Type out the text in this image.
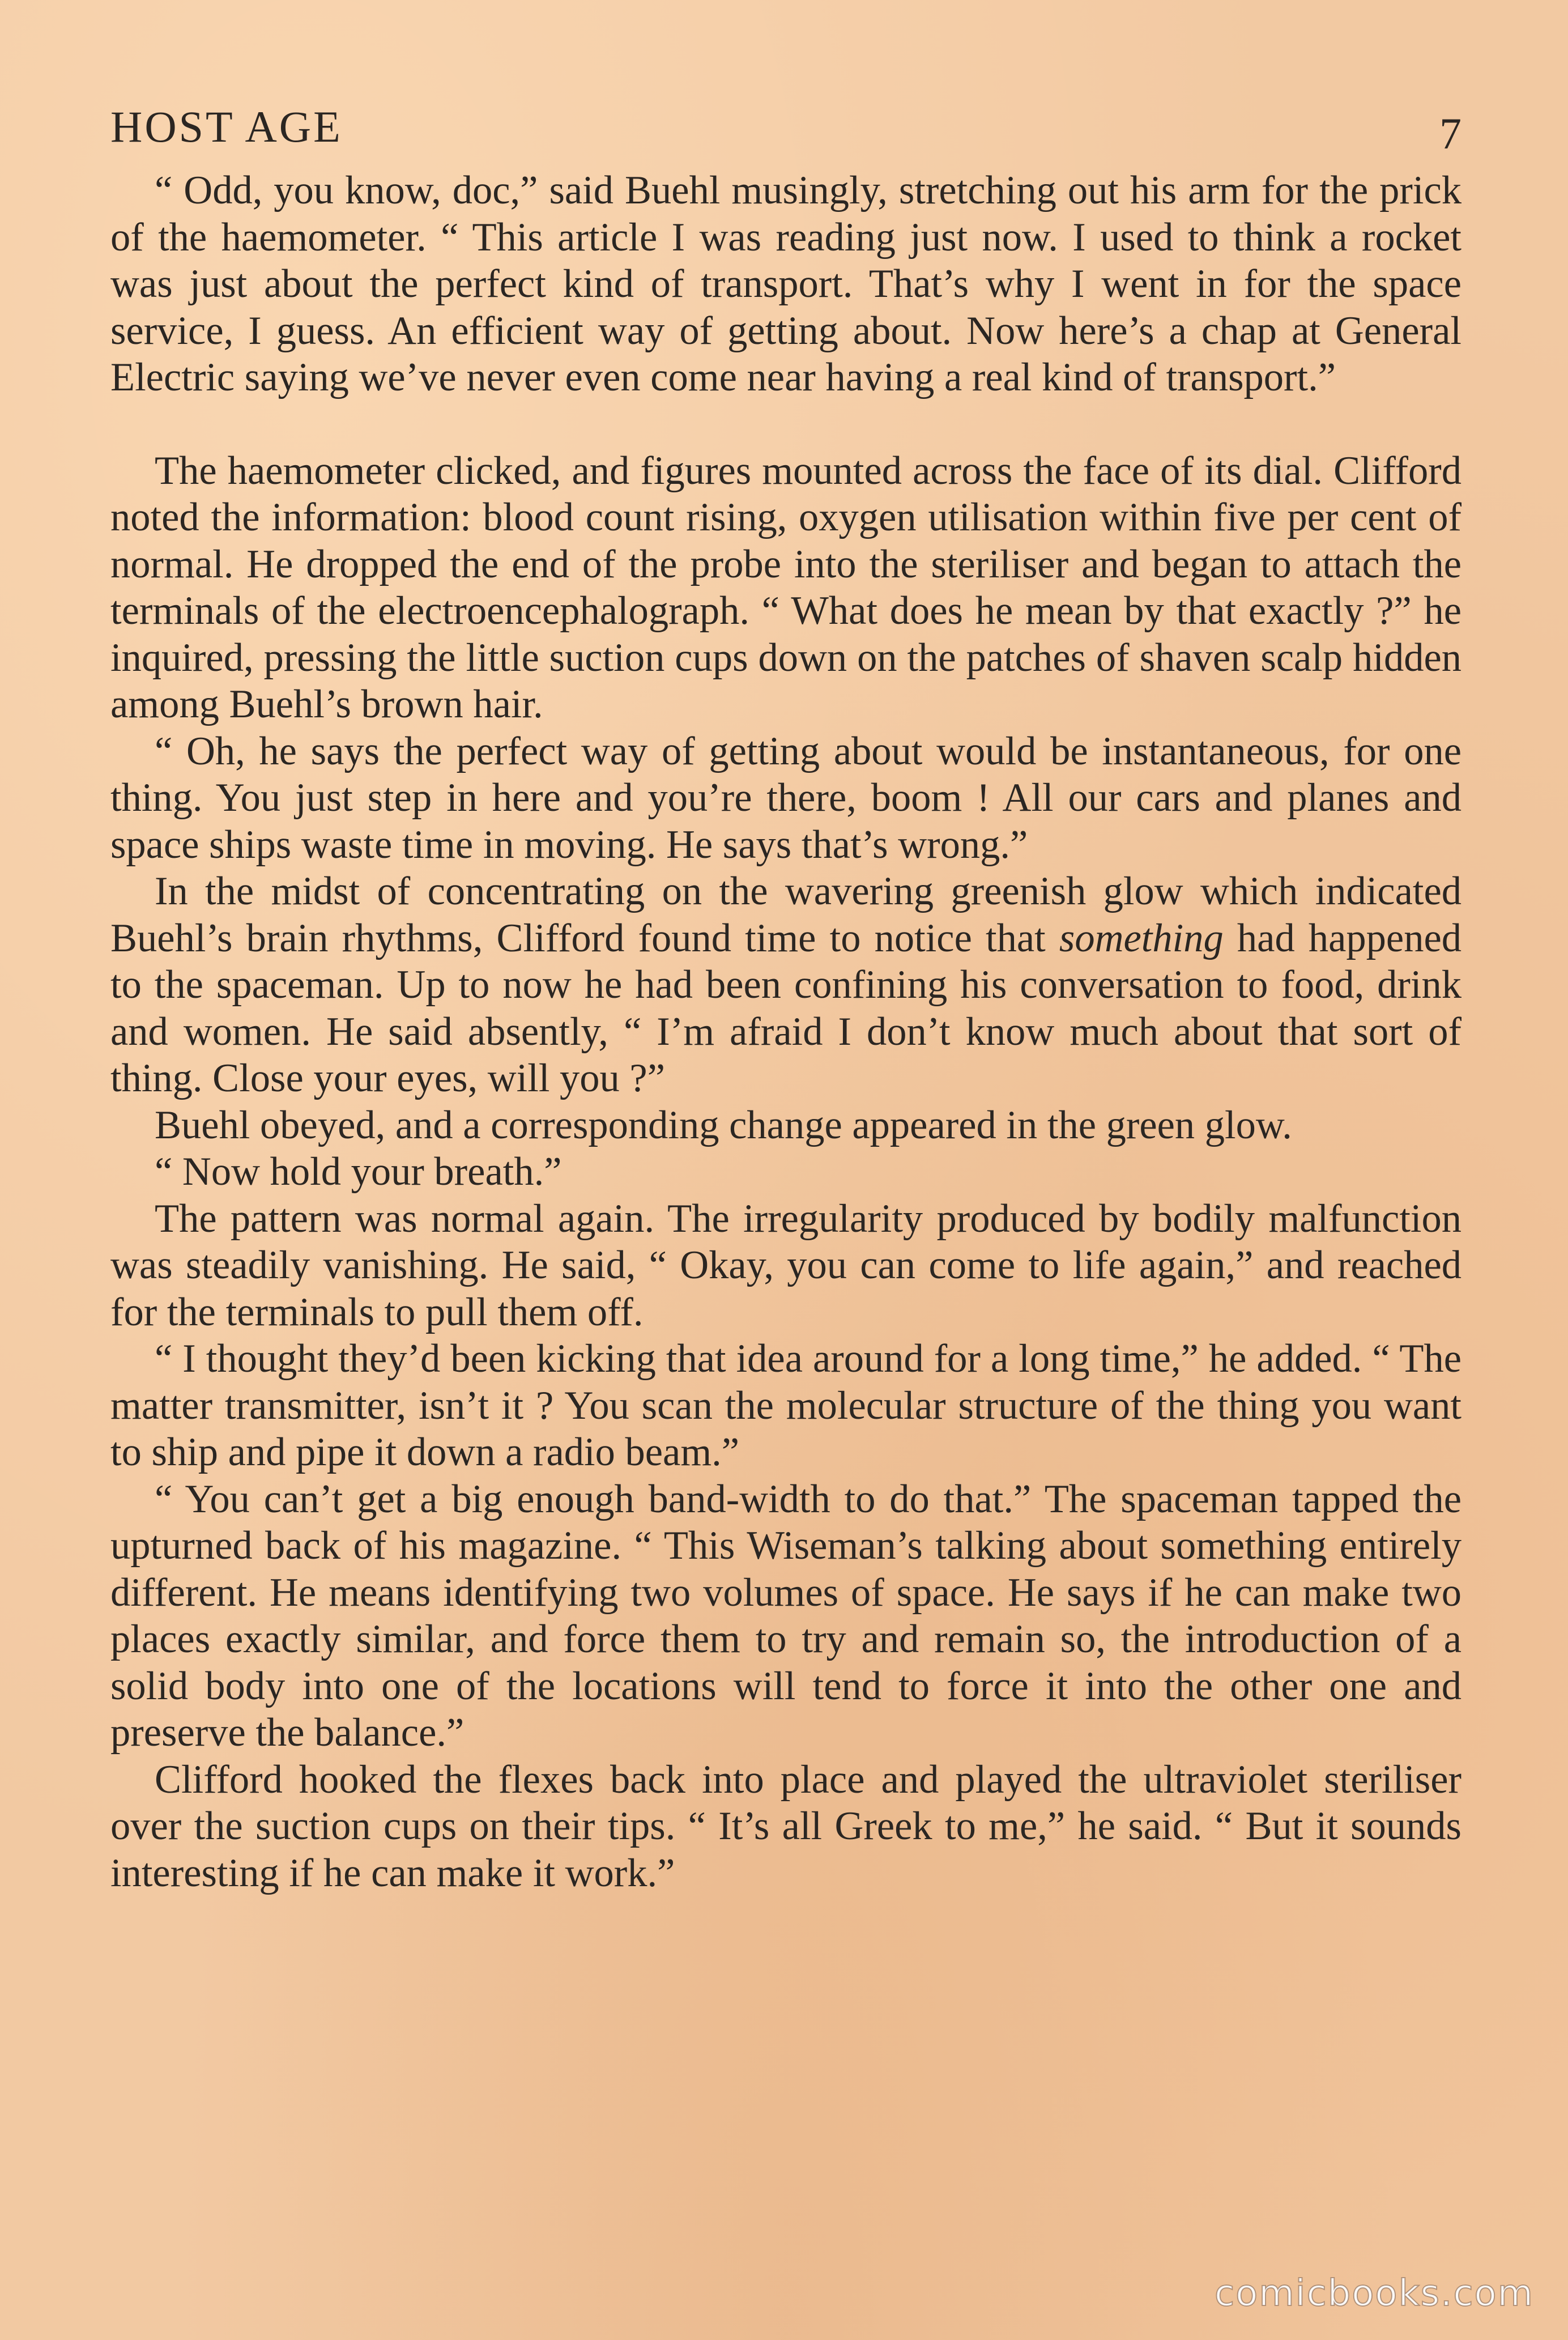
HOST AGE	7

“ Odd, you know, doc,” said Buehl musingly, stretching out his arm for the prick of the haemometer. “ This article I was reading just now. I used to think a rocket was just about the perfect kind of transport. That’s why I went in for the space service, I guess. An efficient way of getting about. Now here’s a chap at General Electric saying we’ve never even come near having a real kind of transport.”

The haemometer clicked, and figures mounted across the face of its dial. Clifford noted the information: blood count rising, oxygen utilisation within five per cent of normal. He dropped the end of the probe into the steriliser and began to attach the terminals of the electroencephalograph. “ What does he mean by that exactly ?” he inquired, pressing the little suction cups down on the patches of shaven scalp hidden among Buehl’s brown hair.

“ Oh, he says the perfect way of getting about would be instantaneous, for one thing. You just step in here and you’re there, boom ! All our cars and planes and space ships waste time in moving. He says that’s wrong.”

In the midst of concentrating on the wavering greenish glow which indicated Buehl’s brain rhythms, Clifford found time to notice that something had happened to the spaceman. Up to now he had been confining his conversation to food, drink and women. He said absently, “ I’m afraid I don’t know much about that sort of thing. Close your eyes, will you ?”

Buehl obeyed, and a corresponding change appeared in the green glow.

“ Now hold your breath.”

The pattern was normal again. The irregularity produced by bodily malfunction was steadily vanishing. He said, “ Okay, you can come to life again,” and reached for the terminals to pull them off.

“ I thought they’d been kicking that idea around for a long time,” he added. “ The matter transmitter, isn’t it ? You scan the molecular structure of the thing you want to ship and pipe it down a radio beam.”

“ You can’t get a big enough band-width to do that.” The spaceman tapped the upturned back of his magazine. “ This Wiseman’s talking about something entirely different. He means identifying two volumes of space. He says if he can make two places exactly similar, and force them to try and remain so, the introduction of a solid body into one of the locations will tend to force it into the other one and preserve the balance.”

Clifford hooked the flexes back into place and played the ultraviolet steriliser over the suction cups on their tips. “ It’s all Greek to me,” he said. “ But it sounds interesting if he can make it work.”

comicbooks.com
